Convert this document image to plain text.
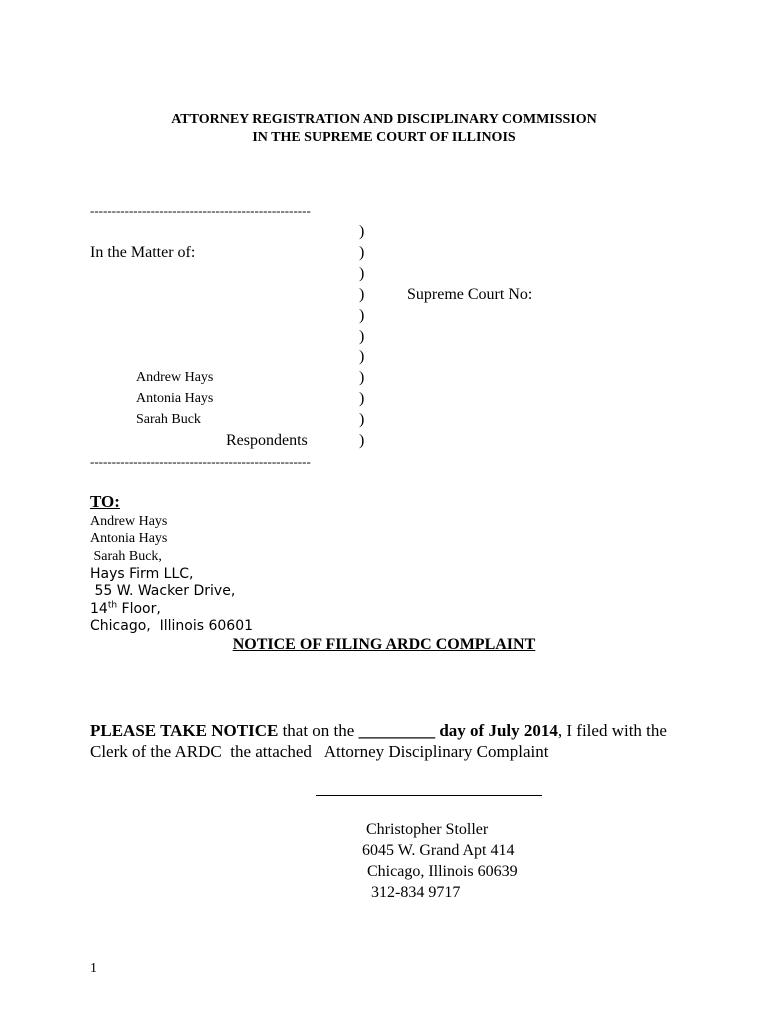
ATTORNEY REGISTRATION AND DISCIPLINARY COMMISSION
IN THE SUPREME COURT OF ILLINOIS
---------------------------------------------------
)
)
)
)
)
)
)
)
)
)
)
In the Matter of:
Supreme Court No:
Andrew Hays
Antonia Hays
Sarah Buck
Respondents
---------------------------------------------------
TO:
Andrew Hays
Antonia Hays
Sarah Buck,
Hays Firm LLC,
55 W. Wacker Drive,
14th Floor,
Chicago,  Illinois 60601
NOTICE OF FILING ARDC COMPLAINT
PLEASE TAKE NOTICE that on the _________ day of July 2014, I filed with the Clerk of the ARDC  the attached   Attorney Disciplinary Complaint
Christopher Stoller
6045 W. Grand Apt 414
Chicago, Illinois 60639
312-834 9717
1
